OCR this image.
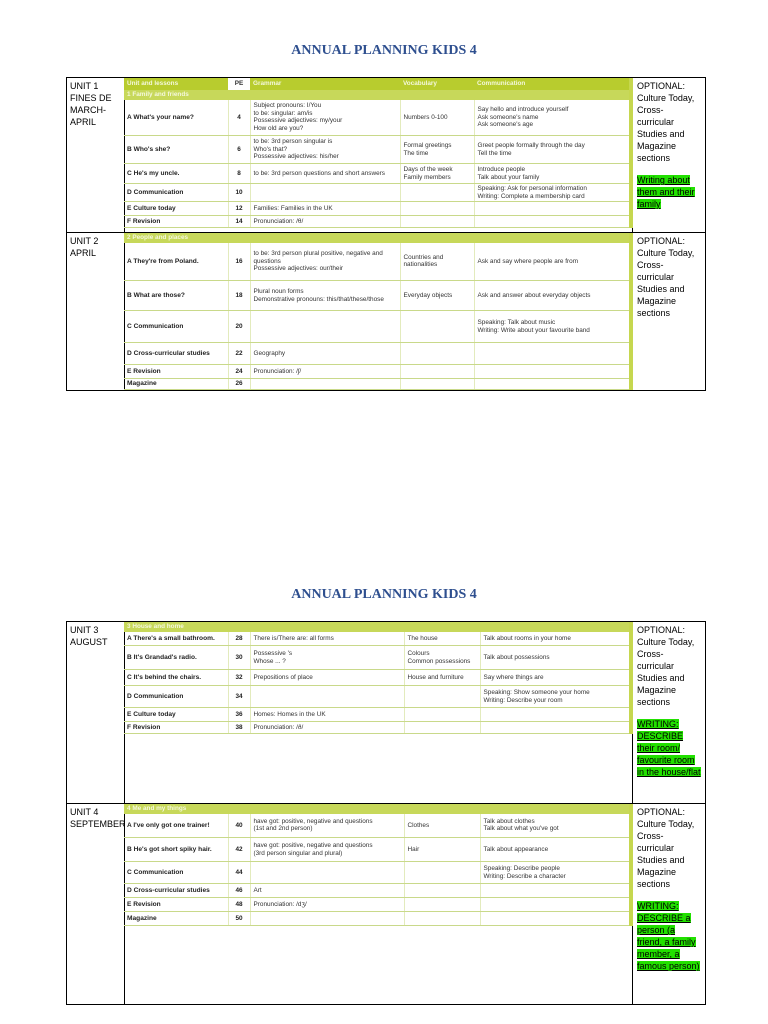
ANNUAL PLANNING KIDS 4
UNIT 1
FINES DE
MARCH-
APRIL

Unit and lessons	PE	Grammar	Vocabulary	Communication
1 Family and friends
A What's your name?	4	Subject pronouns: I/You
to be: singular: am/is
Possessive adjectives: my/your
How old are you?	Numbers 0-100	Say hello and introduce yourself
Ask someone's name
Ask someone's age
B Who's she?	6	to be: 3rd person singular is
Who's that?
Possessive adjectives: his/her	Formal greetings
The time	Greet people formally through the day
Tell the time
C He's my uncle.	8	to be: 3rd person questions and short answers	Days of the week
Family members	Introduce people
Talk about your family
D Communication	10			Speaking: Ask for personal information
Writing: Complete a membership card
E Culture today	12	Families: Families in the UK		
F Revision	14	Pronunciation: /θ/		

OPTIONAL:
Culture Today,
Cross-
curricular
Studies and
Magazine
sections
Writing about them and their family

UNIT 2
APRIL

2 People and places
A They're from Poland.	16	to be: 3rd person plural positive, negative and questions
Possessive adjectives: our/their	Countries and nationalities	Ask and say where people are from
B What are those?	18	Plural noun forms
Demonstrative pronouns: this/that/these/those	Everyday objects	Ask and answer about everyday objects
C Communication	20			Speaking: Talk about music
Writing: Write about your favourite band
D Cross-curricular studies	22	Geography		
E Revision	24	Pronunciation: /ʃ/		
Magazine	26			

OPTIONAL:
Culture Today,
Cross-
curricular
Studies and
Magazine
sections
ANNUAL PLANNING KIDS 4
UNIT 3
AUGUST

3 House and home
A There's a small bathroom.	28	There is/There are: all forms	The house	Talk about rooms in your home
B It's Grandad's radio.	30	Possessive 's
Whose ... ?	Colours
Common possessions	Talk about possessions
C It's behind the chairs.	32	Prepositions of place	House and furniture	Say where things are
D Communication	34			Speaking: Show someone your home
Writing: Describe your room
E Culture today	36	Homes: Homes in the UK		
F Revision	38	Pronunciation: /ð/		

OPTIONAL:
Culture Today,
Cross-
curricular
Studies and
Magazine
sections
WRITING: DESCRIBE their room/ favourite room in the house/flat

UNIT 4
SEPTEMBER

4 Me and my things
A I've only got one trainer!	40	have got: positive, negative and questions
(1st and 2nd person)	Clothes	Talk about clothes
Talk about what you've got
B He's got short spiky hair.	42	have got: positive, negative and questions
(3rd person singular and plural)	Hair	Talk about appearance
C Communication	44			Speaking: Describe people
Writing: Describe a character
D Cross-curricular studies	46	Art		
E Revision	48	Pronunciation: /dʒ/		
Magazine	50			

OPTIONAL:
Culture Today,
Cross-
curricular
Studies and
Magazine
sections
WRITING: DESCRIBE a person (a friend, a family member, a famous person)
